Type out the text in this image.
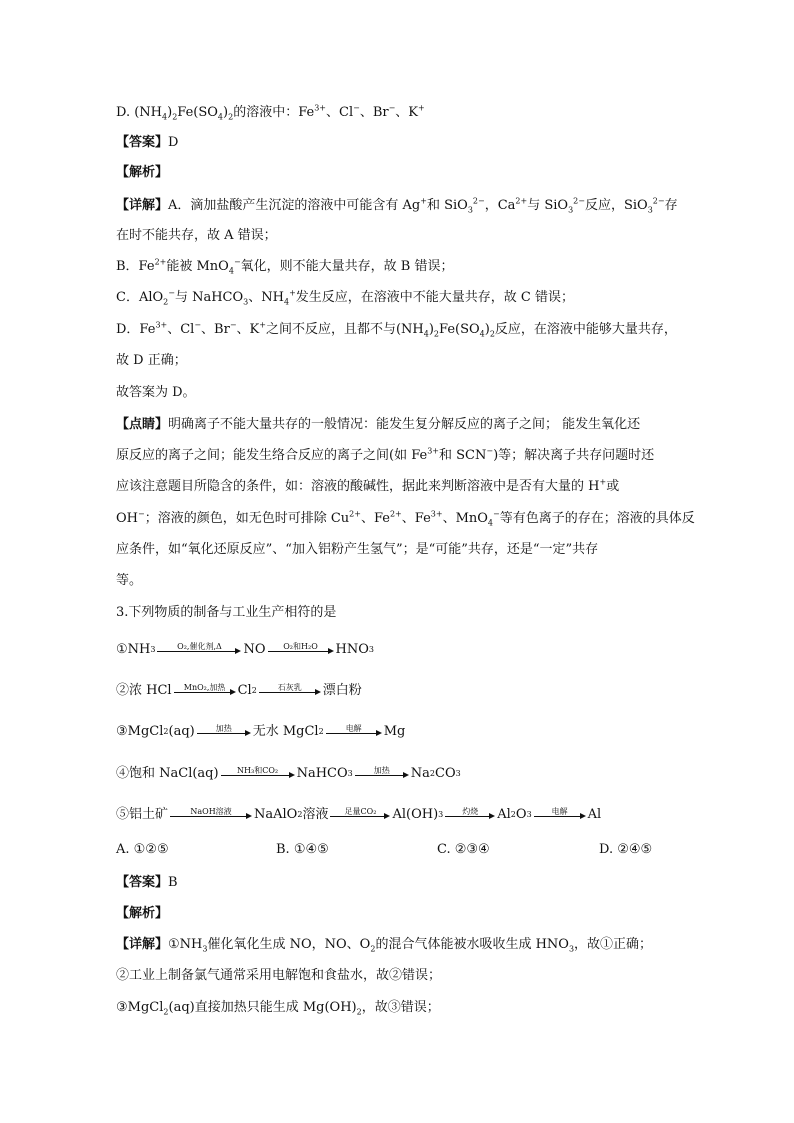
D. $(NH_4)_2Fe(SO_4)_2$的溶液中：$Fe^{3+}$、Cl−、Br−、K+
【答案】D
【解析】
【详解】A．滴加盐酸产生沉淀的溶液中可能含有 Ag+和 SiO$_3^{2-}$，$Ca^{2+}$与 SiO$_3^{2-}$反应，SiO$_3^{2-}$存
在时不能共存，故 A 错误；
B．$Fe^{2+}$能被 MnO$_4$−氧化，则不能大量共存，故 B 错误；
C．AlO$_2$−与 NaHCO$_3$、$NH_4^+$发生反应，在溶液中不能大量共存，故 C 错误；
D．$Fe^{3+}$、Cl−、Br−、K+之间不反应，且都不与$(NH_4)_2Fe(SO_4)_2$反应，在溶液中能够大量共存，
故 D 正确；
故答案为 D。
【点睛】明确离子不能大量共存的一般情况：能发生复分解反应的离子之间； 能发生氧化还
原反应的离子之间；能发生络合反应的离子之间(如 $Fe^{3+}$和 SCN−)等；解决离子共存问题时还
应该注意题目所隐含的条件，如：溶液的酸碱性，据此来判断溶液中是否有大量的 H+或
OH−；溶液的颜色，如无色时可排除 $Cu^{2+}$、$Fe^{2+}$、$Fe^{3+}$、MnO$_4$−等有色离子的存在；溶液的具体反
应条件，如“氧化还原反应”、“加入铝粉产生氢气”；是“可能”共存，还是“一定”共存
等。
3.下列物质的制备与工业生产相符的是
①NH 3	O₂,催化剂,Δ NO O₂和H₂O HNO 3
②浓 HCl MnO₂,加热 Cl 2	石灰乳 漂白粉
③MgCl 2 (aq)	加热 无水 MgCl 2	电解 Mg
④饱和 NaCl(aq) NH₃和CO₂ NaHCO 3	加热 Na 2 CO 3
⑤铝土矿	NaOH溶液 NaAlO 2 溶液 足量CO₂ Al(OH) 3 灼烧 Al 2 O 3	电解 Al
A. ①②⑤	B. ①④⑤	C. ②③④	D. ②④⑤
【答案】B
【解析】
【详解】$①NH_3$催化氧化生成 NO，NO、$O_2$的混合气体能被水吸收生成 $HNO_3$，故①正确；
②工业上制备氯气通常采用电解饱和食盐水，故②错误；
③MgCl$_2$(aq)直接加热只能生成 $Mg(OH)_2$，故③错误；
